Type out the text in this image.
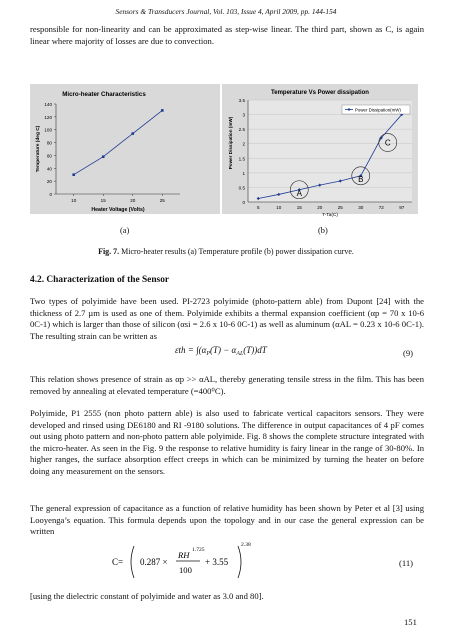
Sensors & Transducers Journal, Vol. 103, Issue 4, April 2009, pp. 144-154
responsible for non-linearity and can be approximated as step-wise linear. The third part, shown as C, is again linear where majority of losses are due to convection.
Micro-heater Characteristics
0
20
40
60
80
100
120
140
10	15	20	25
Heater Voltage (Volts)
Temperature (deg C)
Temperature Vs Power dissipation
0
0.5
1
1.5
2
2.5
3
3.5
5	10	15	20	25	30	72	97
T-Ta(C)
Power Dissipation (mW)
Power Dissipation(mW)
A
B
C
(a)	(b)
Fig. 7. Micro-heater results (a) Temperature profile (b) power dissipation curve.
4.2. Characterization of the Sensor
Two types of polyimide have been used. PI-2723 polyimide (photo-pattern able) from Dupont [24] with the thickness of 2.7 µm is used as one of them. Polyimide exhibits a thermal expansion coefficient (αp = 70 x 10-6 0C-1) which is larger than those of silicon (αsi = 2.6 x 10-6 0C-1) as well as aluminum (αAL = 0.23 x 10-6 0C-1). The resulting strain can be written as
$\varepsilon th = \int(\alpha_P(T) - \alpha_{AL}(T))dT$	(9)
This relation shows presence of strain as αp >> αAL, thereby generating tensile stress in the film. This has been removed by annealing at elevated temperature (=400⁰C).
Polyimide, P1 2555 (non photo pattern able) is also used to fabricate vertical capacitors sensors. They were developed and rinsed using DE6180 and RI -9180 solutions. The difference in output capacitances of 4 pF comes out using photo pattern and non-photo pattern able polyimide. Fig. 8 shows the complete structure integrated with the micro-heater. As seen in the Fig. 9 the response to relative humidity is fairy linear in the range of 30-80%. In higher ranges, the surface absorption effect creeps in which can be minimized by turning the heater on before doing any measurement on the sensors.
The general expression of capacitance as a function of relative humidity has been shown by Peter et al [3] using Looyenga’s equation. This formula depends upon the topology and in our case the general expression can be written
C= 0.287 ×
RH 1.725
100
+ 3.55
2.38
(11)
[using the dielectric constant of polyimide and water as 3.0 and 80].
151
